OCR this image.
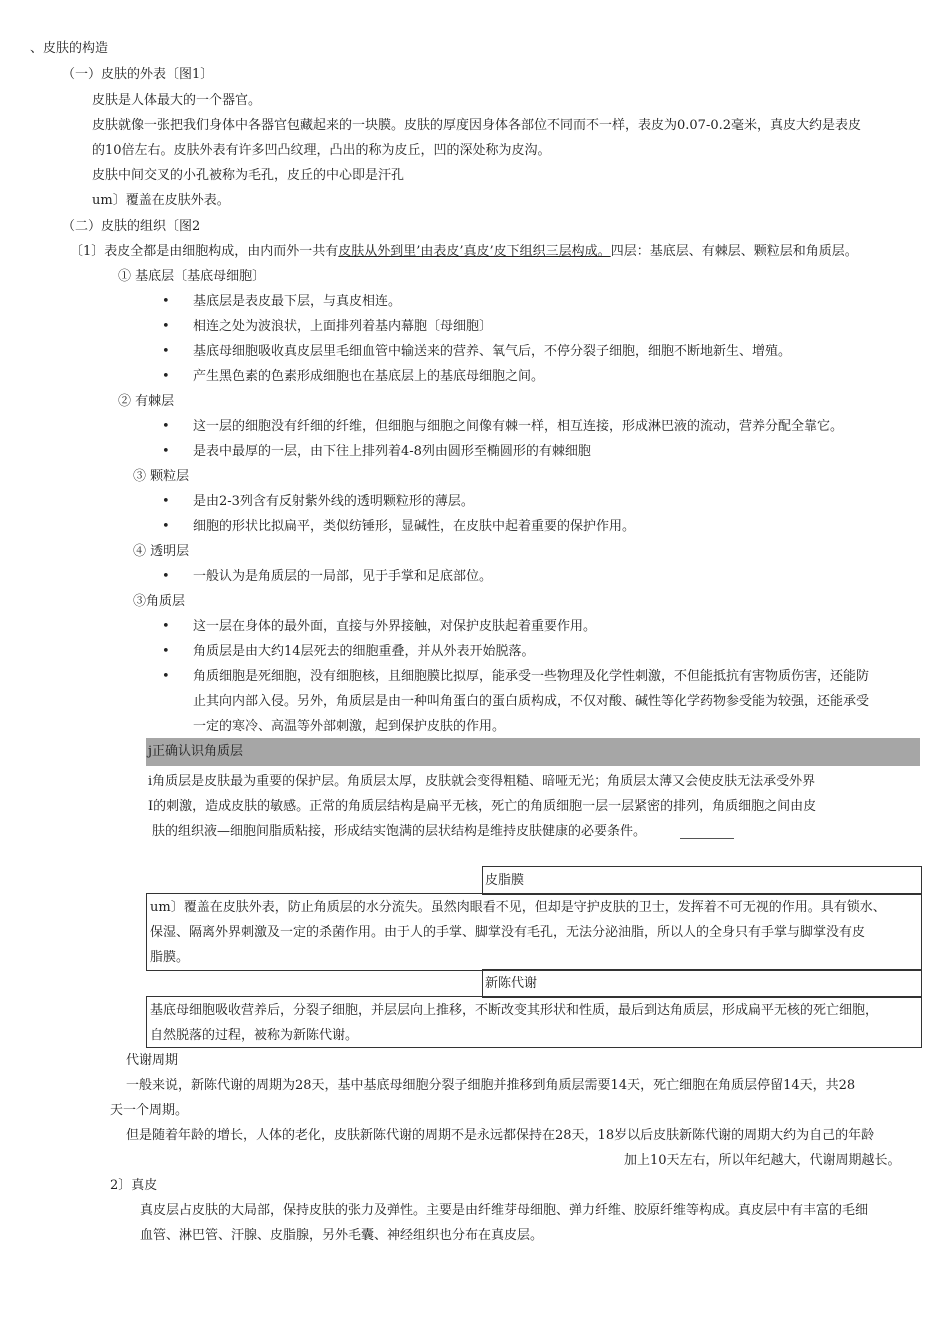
、皮肤的构造
（一）皮肤的外表〔图1〕
皮肤是人体最大的一个器官。
皮肤就像一张把我们身体中各器官包藏起来的一块膜。皮肤的厚度因身体各部位不同而不一样，表皮为0.07-0.2毫米，真皮大约是表皮
的10倍左右。皮肤外表有许多凹凸纹理，凸出的称为皮丘，凹的深处称为皮沟。
皮肤中间交叉的小孔被称为毛孔，皮丘的中心即是汗孔
um〕覆盖在皮肤外表。
（二）皮肤的组织〔图2
〔1〕表皮全都是由细胞构成，由内而外一共有皮肤从外到里’由表皮’真皮’皮下组织三层构成。四层：基底层、有棘层、颗粒层和角质层。
① 基底层〔基底母细胞〕
• 基底层是表皮最下层，与真皮相连。
• 相连之处为波浪状，上面排列着基内幕胞〔母细胞〕
• 基底母细胞吸收真皮层里毛细血管中输送来的营养、氧气后，不停分裂子细胞，细胞不断地新生、增殖。
• 产生黑色素的色素形成细胞也在基底层上的基底母细胞之间。
② 有棘层
• 这一层的细胞没有纤细的纤维，但细胞与细胞之间像有棘一样，相互连接，形成淋巴液的流动，营养分配全靠它。
• 是表中最厚的一层，由下往上排列着4-8列由圆形至椭圆形的有棘细胞
③ 颗粒层
• 是由2-3列含有反射紫外线的透明颗粒形的薄层。
• 细胞的形状比拟扁平，类似纺锤形，显碱性，在皮肤中起着重要的保护作用。
④ 透明层
• 一般认为是角质层的一局部，见于手掌和足底部位。
③角质层
• 这一层在身体的最外面，直接与外界接触，对保护皮肤起着重要作用。
• 角质层是由大约14层死去的细胞重叠，并从外表开始脱落。
• 角质细胞是死细胞，没有细胞核，且细胞膜比拟厚，能承受一些物理及化学性刺激，不但能抵抗有害物质伤害，还能防
止其向内部入侵。另外，角质层是由一种叫角蛋白的蛋白质构成，不仅对酸、碱性等化学药物参受能为较强，还能承受
一定的寒冷、高温等外部刺激，起到保护皮肤的作用。
j正确认识角质层
i角质层是皮肤最为重要的保护层。角质层太厚，皮肤就会变得粗糙、暗哑无光；角质层太薄又会使皮肤无法承受外界
I的刺激，造成皮肤的敏感。正常的角质层结构是扁平无核，死亡的角质细胞一层一层紧密的排列，角质细胞之间由皮
肤的组织液—细胞间脂质粘接，形成结实饱满的层状结构是维持皮肤健康的必要条件。
皮脂膜
um〕覆盖在皮肤外表，防止角质层的水分流失。虽然肉眼看不见，但却是守护皮肤的卫士，发挥着不可无视的作用。具有锁水、
保湿、隔离外界刺激及一定的杀菌作用。由于人的手掌、脚掌没有毛孔，无法分泌油脂，所以人的全身只有手掌与脚掌没有皮
脂膜。
新陈代谢
基底母细胞吸收营养后，分裂子细胞，并层层向上推移，不断改变其形状和性质，最后到达角质层，形成扁平无核的死亡细胞，
自然脱落的过程，被称为新陈代谢。
代谢周期
一般来说，新陈代谢的周期为28天，基中基底母细胞分裂子细胞并推移到角质层需要14天，死亡细胞在角质层停留14天，共28
天一个周期。
但是随着年龄的增长，人体的老化，皮肤新陈代谢的周期不是永远都保持在28天，18岁以后皮肤新陈代谢的周期大约为自己的年龄
加上10天左右，所以年纪越大，代谢周期越长。
2〕真皮
真皮层占皮肤的大局部，保持皮肤的张力及弹性。主要是由纤维芽母细胞、弹力纤维、胶原纤维等构成。真皮层中有丰富的毛细
血管、淋巴管、汗腺、皮脂腺，另外毛囊、神经组织也分布在真皮层。
